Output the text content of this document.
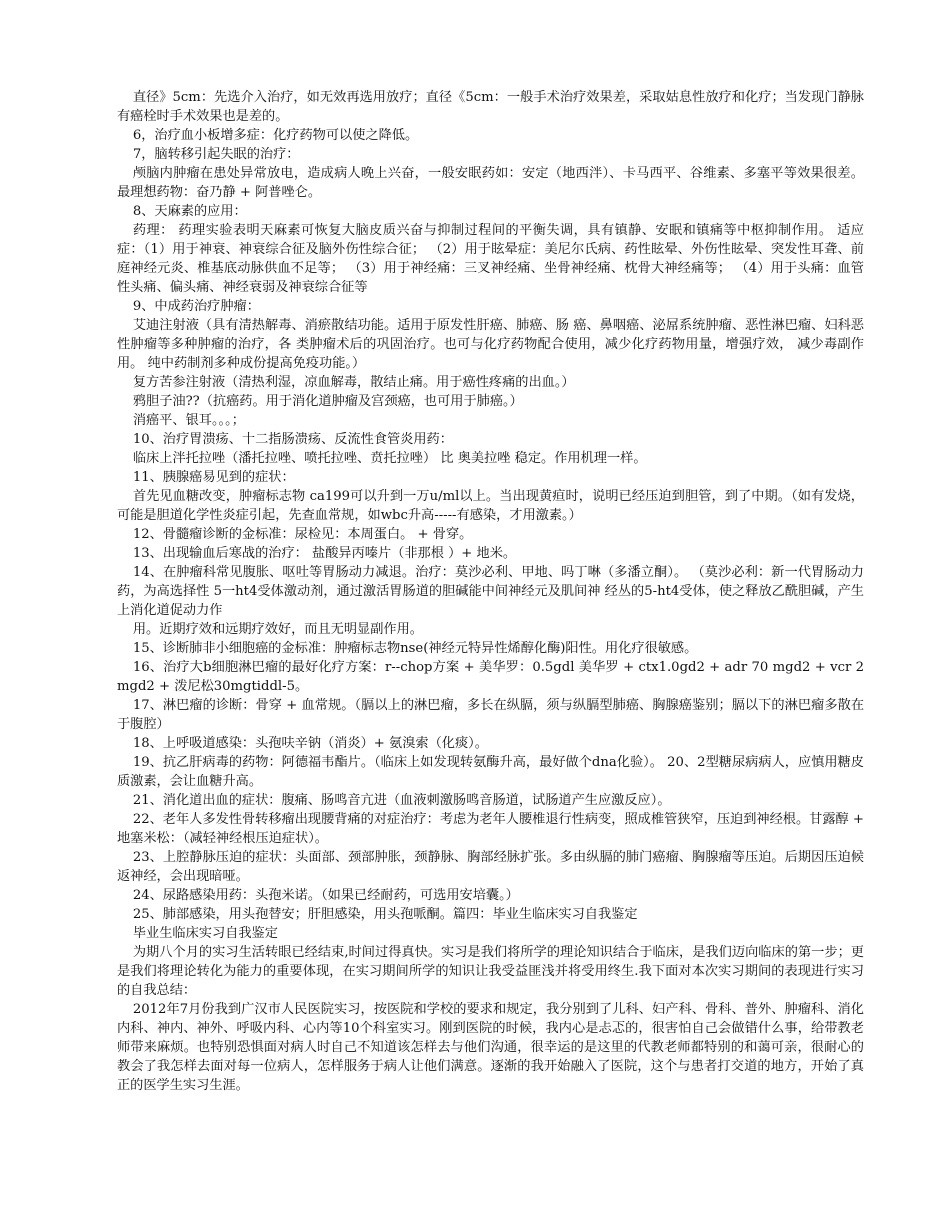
直径》5cm：先选介入治疗，如无效再选用放疗；直径《5cm：一般手术治疗效果差，采取姑息性放疗和化疗；当发现门静脉有癌栓时手术效果也是差的。

6，治疗血小板增多症：化疗药物可以使之降低。

7，脑转移引起失眠的治疗：

颅脑内肿瘤在患处异常放电，造成病人晚上兴奋，一般安眠药如：安定（地西泮）、卡马西平、谷维素、多塞平等效果很差。最理想药物：奋乃静 + 阿普唑仑。

8、天麻素的应用：

药理： 药理实验表明天麻素可恢复大脑皮质兴奋与抑制过程间的平衡失调，具有镇静、安眠和镇痛等中枢抑制作用。 适应症：（1）用于神衰、神衰综合征及脑外伤性综合征； （2）用于眩晕症：美尼尔氏病、药性眩晕、外伤性眩晕、突发性耳聋、前庭神经元炎、椎基底动脉供血不足等； （3）用于神经痛：三叉神经痛、坐骨神经痛、枕骨大神经痛等； （4）用于头痛：血管性头痛、偏头痛、神经衰弱及神衰综合征等

9、中成药治疗肿瘤：

艾迪注射液（具有清热解毒、消瘀散结功能。适用于原发性肝癌、肺癌、肠 癌、鼻咽癌、泌屌系统肿瘤、恶性淋巴瘤、妇科恶性肿瘤等多种肿瘤的治疗，各 类肿瘤术后的巩固治疗。也可与化疗药物配合使用，减少化疗药物用量，增强疗效， 减少毒副作用。 纯中药制剂多种成份提高免疫功能。）

复方苦参注射液（清热利湿，凉血解毒，散结止痛。用于癌性疼痛的出血。）

鸦胆子油??（抗癌药。用于消化道肿瘤及宫颈癌，也可用于肺癌。）

消癌平、银耳。。。；

10、治疗胃溃疡、十二指肠溃疡、反流性食管炎用药：

临床上泮托拉唑（潘托拉唑、喷托拉唑、贲托拉唑） 比 奥美拉唑 稳定。作用机理一样。

11、胰腺癌易见到的症状：

首先见血糖改变，肿瘤标志物 ca199可以升到一万u/ml以上。当出现黄疸时，说明已经压迫到胆管，到了中期。（如有发烧，可能是胆道化学性炎症引起，先查血常规，如wbc升高-----有感染，才用激素。）

12、骨髓瘤诊断的金标准：尿检见：本周蛋白。 + 骨穿。

13、出现输血后寒战的治疗： 盐酸异丙嗪片（非那根 ）+ 地米。

14、在肿瘤科常见腹胀、呕吐等胃肠动力减退。治疗：莫沙必利、甲地、吗丁啉（多潘立酮）。 （莫沙必利：新一代胃肠动力药，为高选择性 5一ht4受体激动剂，通过激活胃肠道的胆碱能中间神经元及肌间神 经丛的5-ht4受体，使之释放乙酰胆碱，产生上消化道促动力作

用。近期疗效和远期疗效好，而且无明显副作用。

15、诊断肺非小细胞癌的金标准：肿瘤标志物nse(神经元特异性烯醇化酶)阳性。用化疗很敏感。

16、治疗大b细胞淋巴瘤的最好化疗方案：r--chop方案 + 美华罗：0.5gdl 美华罗 + ctx1.0gd2 + adr 70 mgd2 + vcr 2mgd2 + 泼尼松30mgtiddl-5。

17、淋巴瘤的诊断：骨穿 + 血常规。（膈以上的淋巴瘤，多长在纵膈，须与纵膈型肺癌、胸腺癌鉴别；膈以下的淋巴瘤多散在于腹腔）

18、上呼吸道感染：头孢呋辛钠（消炎）+ 氨溴索（化痰）。

19、抗乙肝病毒的药物：阿德福韦酯片。（临床上如发现转氨酶升高，最好做个dna化验）。 20、2型糖尿病病人，应慎用糖皮质激素，会让血糖升高。

21、消化道出血的症状：腹痛、肠鸣音亢进（血液刺激肠鸣音肠道，试肠道产生应激反应）。

22、老年人多发性骨转移瘤出现腰背痛的对症治疗：考虑为老年人腰椎退行性病变，照成椎管狭窄，压迫到神经根。甘露醇 + 地塞米松：（减轻神经根压迫症状）。

23、上腔静脉压迫的症状：头面部、颈部肿胀，颈静脉、胸部经脉扩张。多由纵膈的肺门癌瘤、胸腺瘤等压迫。后期因压迫候返神经，会出现暗哑。

24、尿路感染用药：头孢米诺。（如果已经耐药，可选用安培囊。）

25、肺部感染，用头孢替安；肝胆感染，用头孢哌酮。篇四：毕业生临床实习自我鉴定

毕业生临床实习自我鉴定

为期八个月的实习生活转眼已经结束,时间过得真快。实习是我们将所学的理论知识结合于临床，是我们迈向临床的第一步；更是我们将理论转化为能力的重要体现，在实习期间所学的知识让我受益匪浅并将受用终生.我下面对本次实习期间的表现进行实习的自我总结：

2012年7月份我到广汉市人民医院实习，按医院和学校的要求和规定，我分别到了儿科、妇产科、骨科、普外、肿瘤科、消化内科、神内、神外、呼吸内科、心内等10个科室实习。刚到医院的时候，我内心是忐忑的，很害怕自己会做错什么事，给带教老师带来麻烦。也特别恐惧面对病人时自己不知道该怎样去与他们沟通，很幸运的是这里的代教老师都特别的和蔼可亲，很耐心的教会了我怎样去面对每一位病人，怎样服务于病人让他们满意。逐渐的我开始融入了医院，这个与患者打交道的地方，开始了真正的医学生实习生涯。
